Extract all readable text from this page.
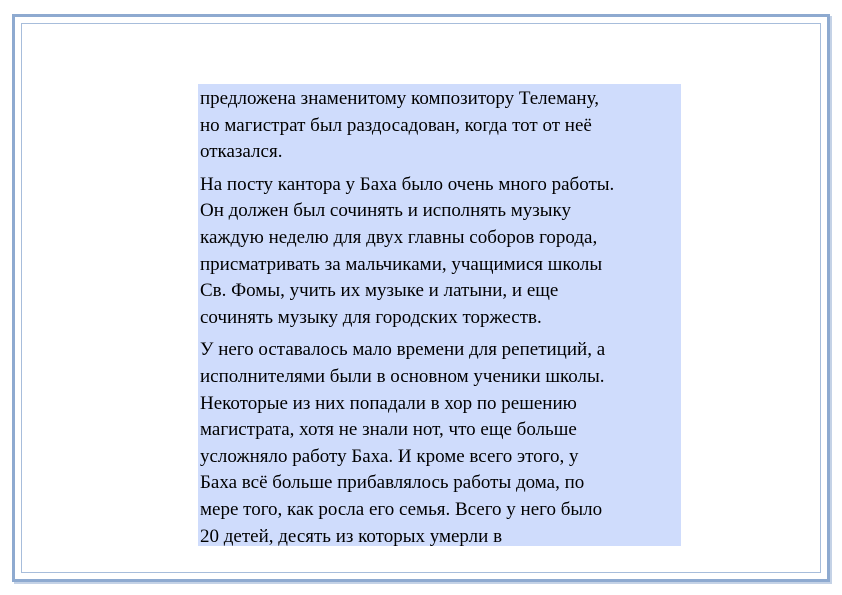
предложена знаменитому композитору Телеману,
но магистрат был раздосадован, когда тот от неё
отказался.

На посту кантора у Баха было очень много работы.
Он должен был сочинять и исполнять музыку
каждую неделю для двух главны соборов города,
присматривать за мальчиками, учащимися школы
Св. Фомы, учить их музыке и латыни, и еще
сочинять музыку для городских торжеств.

У него оставалось мало времени для репетиций, а
исполнителями были в основном ученики школы.
Некоторые из них попадали в хор по решению
магистрата, хотя не знали нот, что еще больше
усложняло работу Баха. И кроме всего этого, у
Баха всё больше прибавлялось работы дома, по
мере того, как росла его семья. Всего у него было
20 детей, десять из которых умерли в
